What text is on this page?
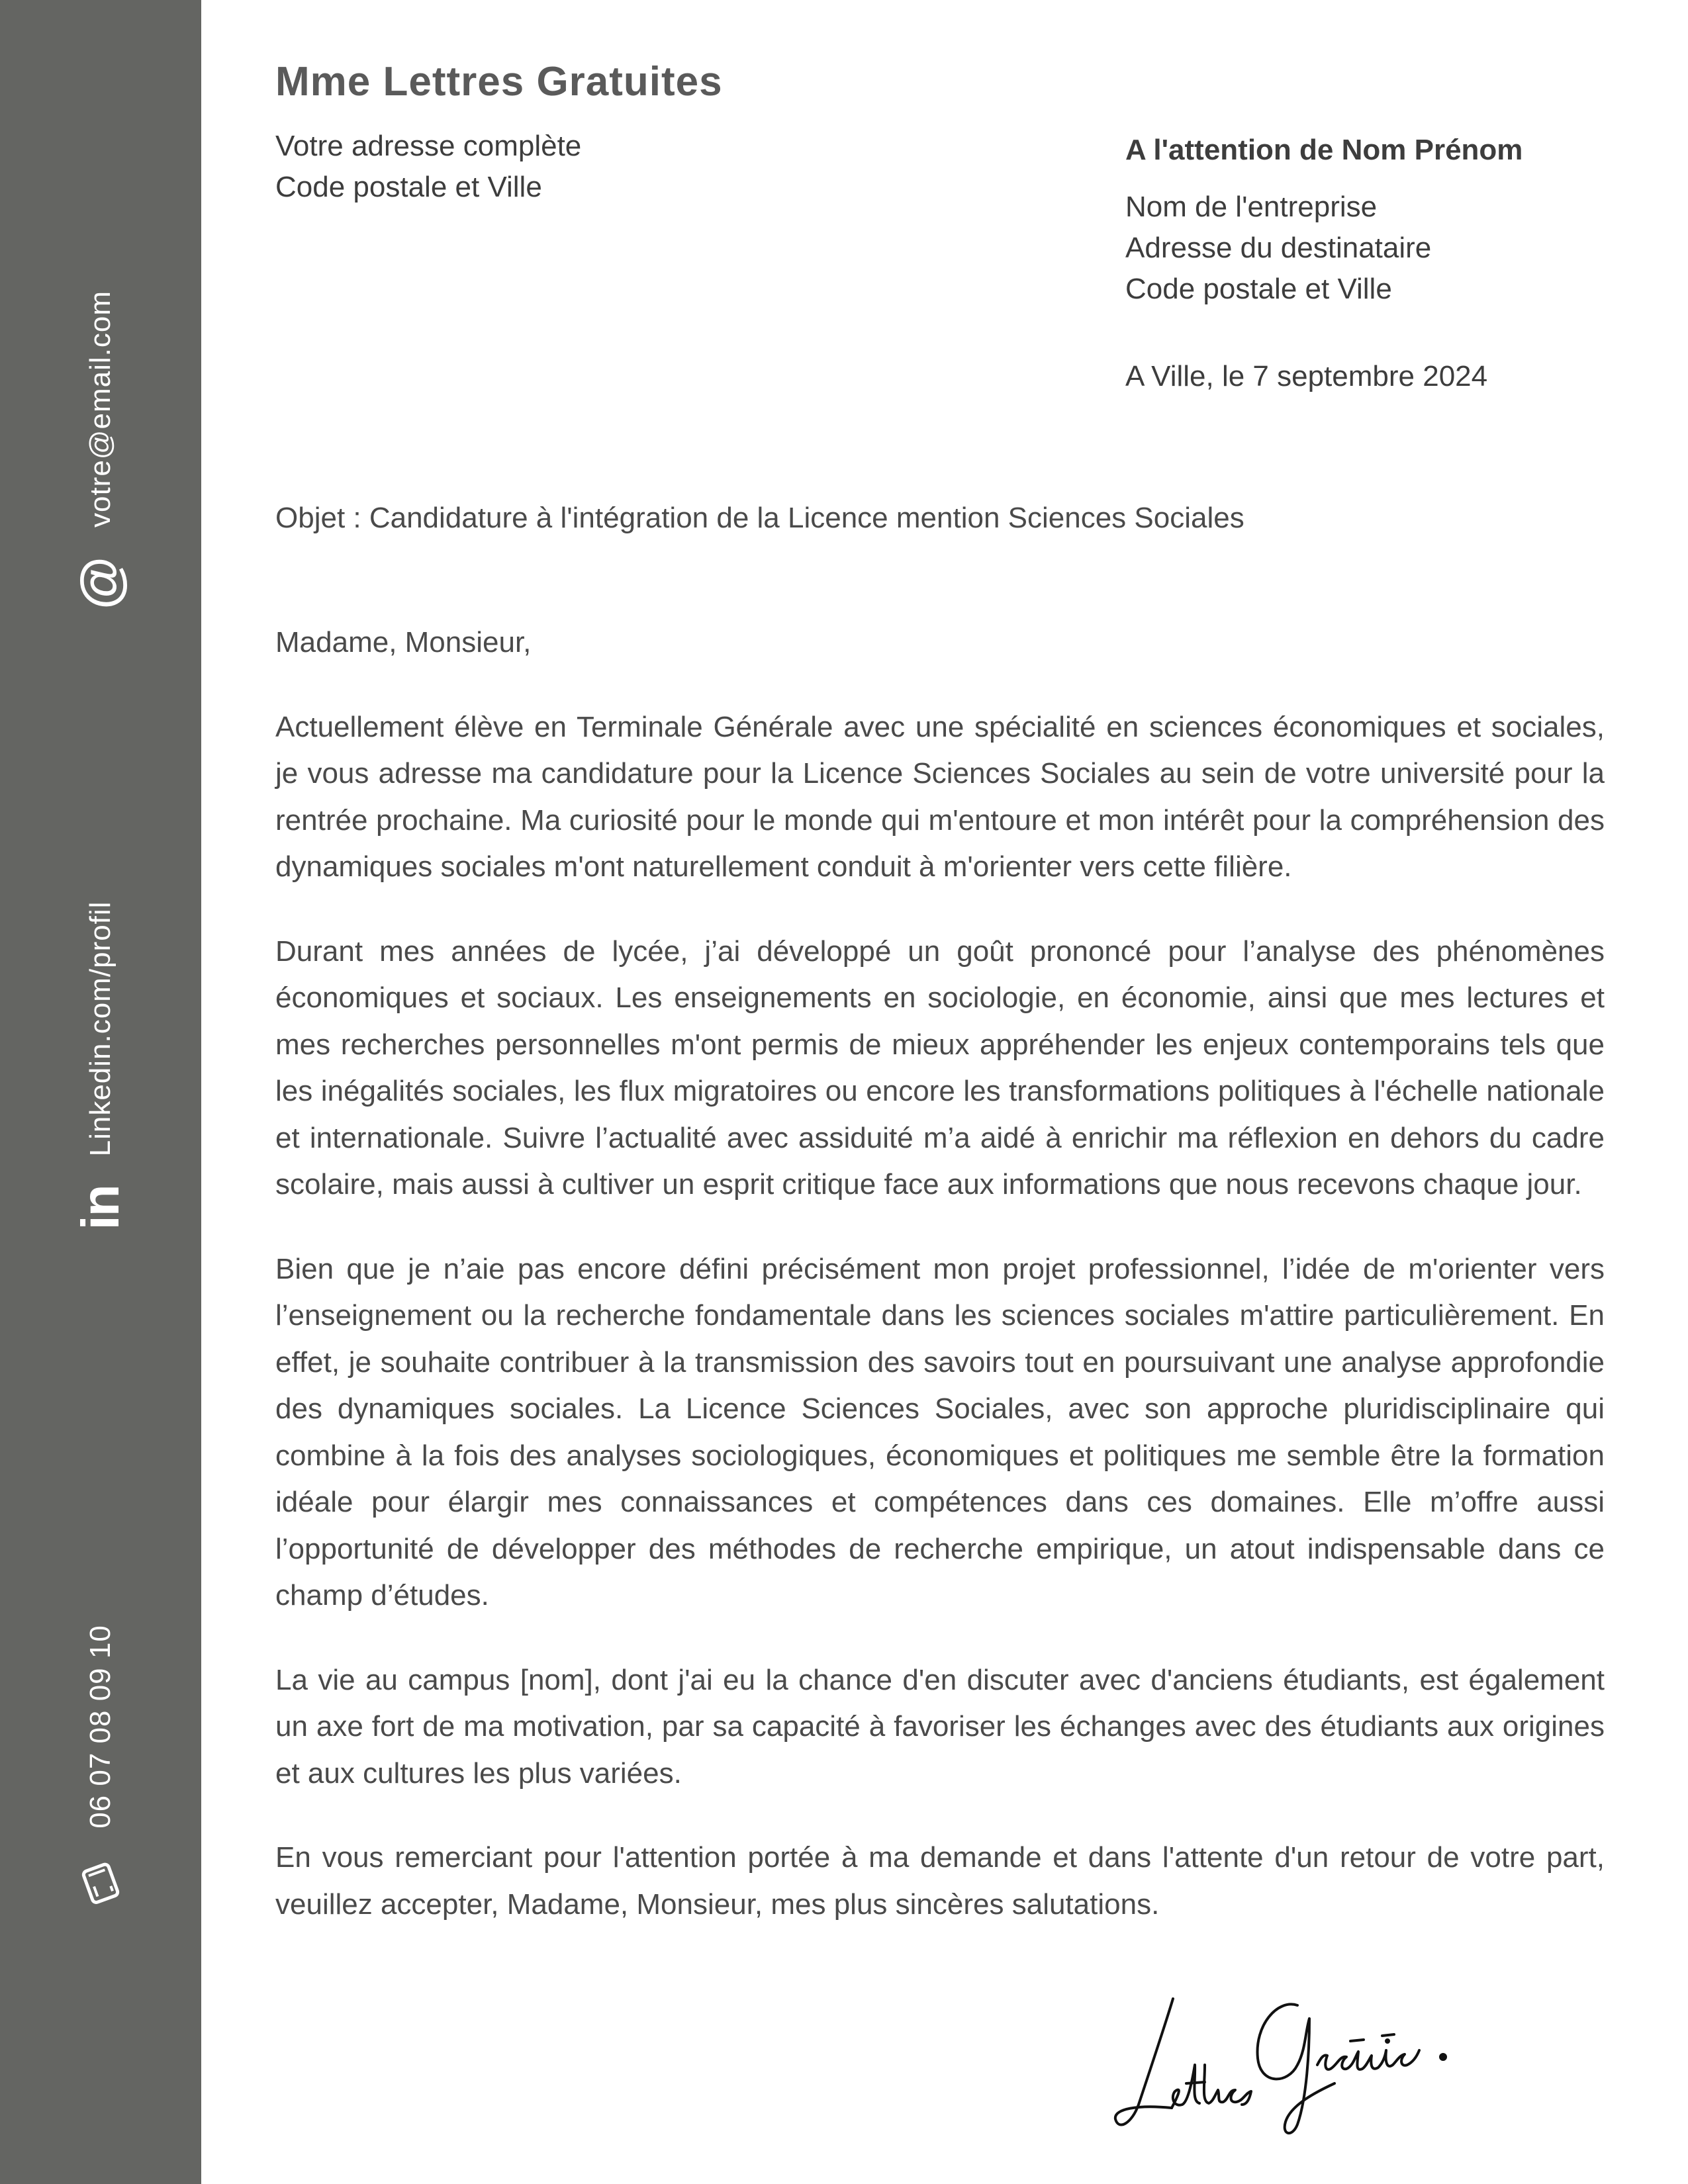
@
votre@email.com
in
Linkedin.com/profil
06 07 08 09 10
Mme Lettres Gratuites
Votre adresse complète
Code postale et Ville
A l'attention de Nom Prénom
Nom de l'entreprise
Adresse du destinataire
Code postale et Ville
A Ville, le 7 septembre 2024
Objet : Candidature à l'intégration de la Licence mention Sciences Sociales

Madame, Monsieur,

Actuellement élève en Terminale Générale avec une spécialité en sciences économiques et sociales, je vous adresse ma candidature pour la Licence Sciences Sociales au sein de votre université pour la rentrée prochaine. Ma curiosité pour le monde qui m'entoure et mon intérêt pour la compréhension des dynamiques sociales m'ont naturellement conduit à m'orienter vers cette filière.

Durant mes années de lycée, j’ai développé un goût prononcé pour l’analyse des phénomènes économiques et sociaux. Les enseignements en sociologie, en économie, ainsi que mes lectures et mes recherches personnelles m'ont permis de mieux appréhender les enjeux contemporains tels que les inégalités sociales, les flux migratoires ou encore les transformations politiques à l'échelle nationale et internationale. Suivre l’actualité avec assiduité m’a aidé à enrichir ma réflexion en dehors du cadre scolaire, mais aussi à cultiver un esprit critique face aux informations que nous recevons chaque jour.

Bien que je n’aie pas encore défini précisément mon projet professionnel, l’idée de m'orienter vers l’enseignement ou la recherche fondamentale dans les sciences sociales m'attire particulièrement. En effet, je souhaite contribuer à la transmission des savoirs tout en poursuivant une analyse approfondie des dynamiques sociales. La Licence Sciences Sociales, avec son approche pluridisciplinaire qui combine à la fois des analyses sociologiques, économiques et politiques me semble être la formation idéale pour élargir mes connaissances et compétences dans ces domaines. Elle m’offre aussi l’opportunité de développer des méthodes de recherche empirique, un atout indispensable dans ce champ d’études.

La vie au campus [nom], dont j'ai eu la chance d'en discuter avec d'anciens étudiants, est également un axe fort de ma motivation, par sa capacité à favoriser les échanges avec des étudiants aux origines et aux cultures les plus variées.

En vous remerciant pour l'attention portée à ma demande et dans l'attente d'un retour de votre part, veuillez accepter, Madame, Monsieur, mes plus sincères salutations.
